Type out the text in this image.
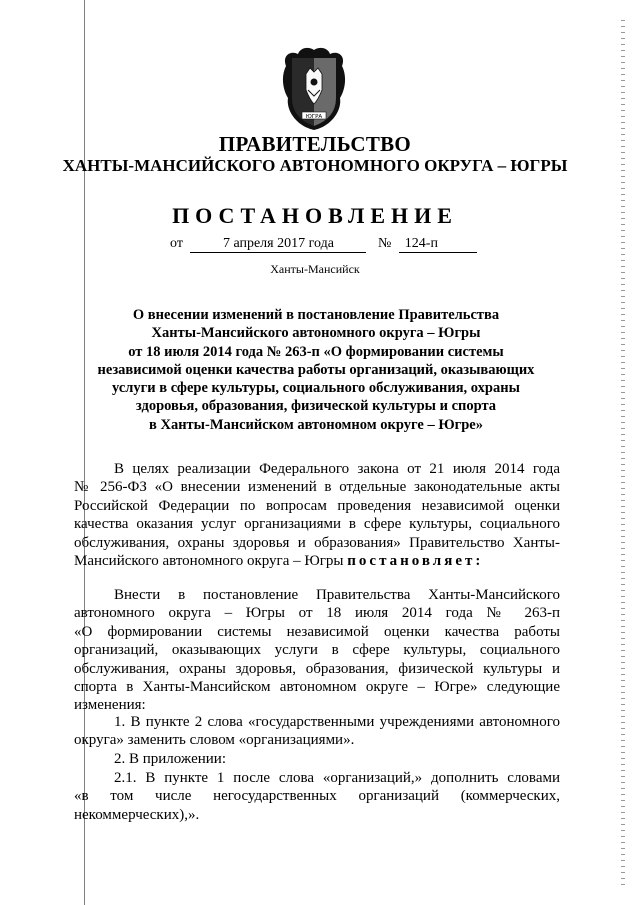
ЮГРА
ПРАВИТЕЛЬСТВО
ХАНТЫ-МАНСИЙСКОГО АВТОНОМНОГО ОКРУГА – ЮГРЫ
ПОСТАНОВЛЕНИЕ
от	7 апреля 2017 года	№ 124-п
Ханты-Мансийск
О внесении изменений в постановление Правительства
Ханты-Мансийского автономного округа – Югры
от 18 июля 2014 года № 263-п «О формировании системы
независимой оценки качества работы организаций, оказывающих
услуги в сфере культуры, социального обслуживания, охраны
здоровья, образования, физической культуры и спорта
в Ханты-Мансийском автономном округе – Югре»
В целях реализации Федерального закона от 21 июля 2014 года
№ 256-ФЗ «О внесении изменений в отдельные законодательные акты
Российской Федерации по вопросам проведения независимой оценки
качества оказания услуг организациями в сфере культуры, социального
обслуживания, охраны здоровья и образования» Правительство Ханты-
Мансийского автономного округа – Югры постановляет:
Внести в постановление Правительства Ханты-Мансийского
автономного округа – Югры от 18 июля 2014 года № 263-п
«О формировании системы независимой оценки качества работы
организаций, оказывающих услуги в сфере культуры, социального
обслуживания, охраны здоровья, образования, физической культуры и
спорта в Ханты-Мансийском автономном округе – Югре» следующие
изменения:
1. В пункте 2 слова «государственными учреждениями автономного
округа» заменить словом «организациями».
2. В приложении:
2.1. В пункте 1 после слова «организаций,» дополнить словами
«в том числе негосударственных организаций (коммерческих,
некоммерческих),».
